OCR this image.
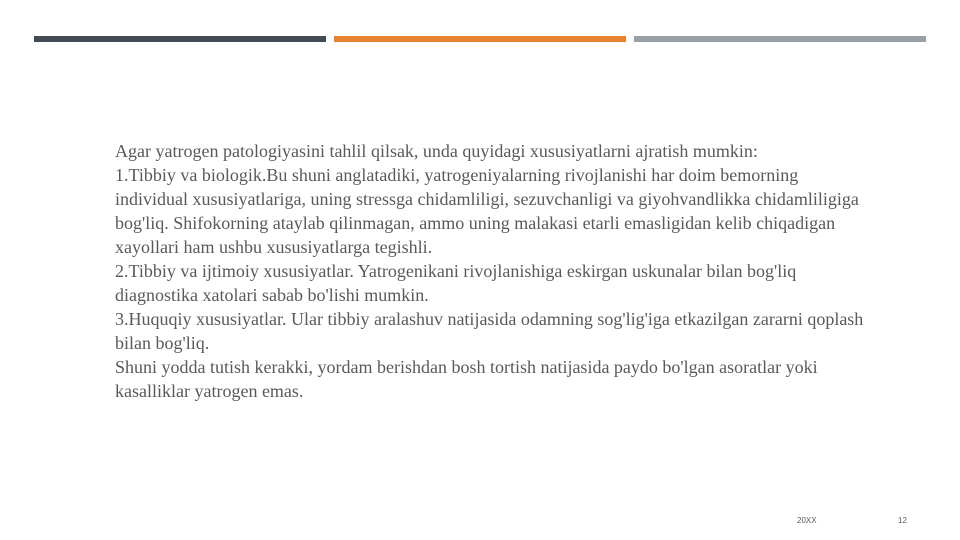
Agar yatrogen patologiyasini tahlil qilsak, unda quyidagi xususiyatlarni ajratish mumkin:

1.Tibbiy va biologik.Bu shuni anglatadiki, yatrogeniyalarning rivojlanishi har doim bemorning individual xususiyatlariga, uning stressga chidamliligi, sezuvchanligi va giyohvandlikka chidamliligiga bog'liq. Shifokorning ataylab qilinmagan, ammo uning malakasi etarli emasligidan kelib chiqadigan xayollari ham ushbu xususiyatlarga tegishli.

2.Tibbiy va ijtimoiy xususiyatlar. Yatrogenikani rivojlanishiga eskirgan uskunalar bilan bog'liq diagnostika xatolari sabab bo'lishi mumkin.

3.Huquqiy xususiyatlar. Ular tibbiy aralashuv natijasida odamning sog'lig'iga etkazilgan zararni qoplash bilan bog'liq.

Shuni yodda tutish kerakki, yordam berishdan bosh tortish natijasida paydo bo'lgan asoratlar yoki kasalliklar yatrogen emas.

20XX	12
